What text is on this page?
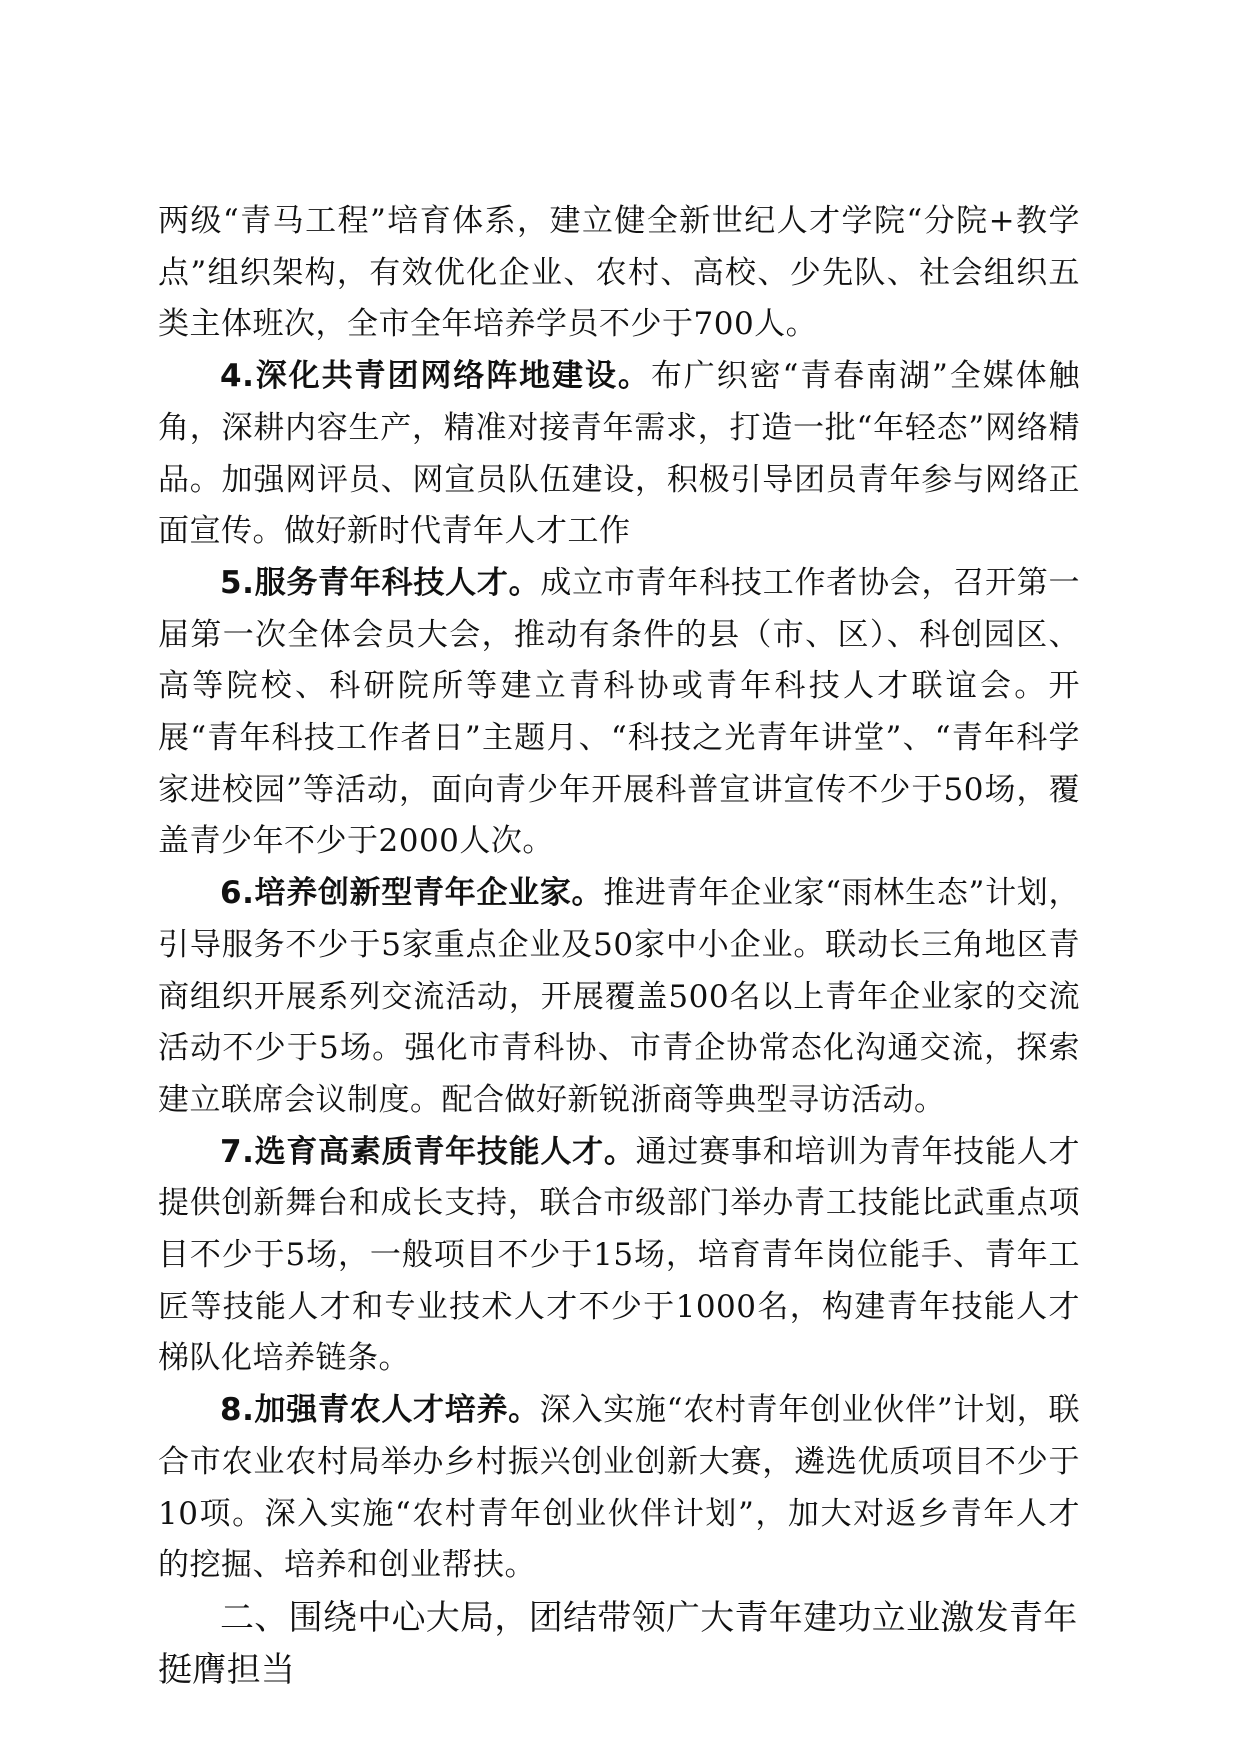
两级“青马工程”培育体系，建立健全新世纪人才学院“分院+教学点”组织架构，有效优化企业、农村、高校、少先队、社会组织五类主体班次，全市全年培养学员不少于700人。

4.深化共青团网络阵地建设。布广织密“青春南湖”全媒体触角，深耕内容生产，精准对接青年需求，打造一批“年轻态”网络精品。加强网评员、网宣员队伍建设，积极引导团员青年参与网络正面宣传。做好新时代青年人才工作

5.服务青年科技人才。成立市青年科技工作者协会，召开第一届第一次全体会员大会，推动有条件的县（市、区）、科创园区、高等院校、科研院所等建立青科协或青年科技人才联谊会。开展“青年科技工作者日”主题月、“科技之光青年讲堂”、“青年科学家进校园”等活动，面向青少年开展科普宣讲宣传不少于50场，覆盖青少年不少于2000人次。

6.培养创新型青年企业家。推进青年企业家“雨林生态”计划，引导服务不少于5家重点企业及50家中小企业。联动长三角地区青商组织开展系列交流活动，开展覆盖500名以上青年企业家的交流活动不少于5场。强化市青科协、市青企协常态化沟通交流，探索建立联席会议制度。配合做好新锐浙商等典型寻访活动。

7.选育高素质青年技能人才。通过赛事和培训为青年技能人才提供创新舞台和成长支持，联合市级部门举办青工技能比武重点项目不少于5场，一般项目不少于15场，培育青年岗位能手、青年工匠等技能人才和专业技术人才不少于1000名，构建青年技能人才梯队化培养链条。

8.加强青农人才培养。深入实施“农村青年创业伙伴”计划，联合市农业农村局举办乡村振兴创业创新大赛，遴选优质项目不少于10项。深入实施“农村青年创业伙伴计划”，加大对返乡青年人才的挖掘、培养和创业帮扶。

二、围绕中心大局，团结带领广大青年建功立业激发青年挺膺担当
